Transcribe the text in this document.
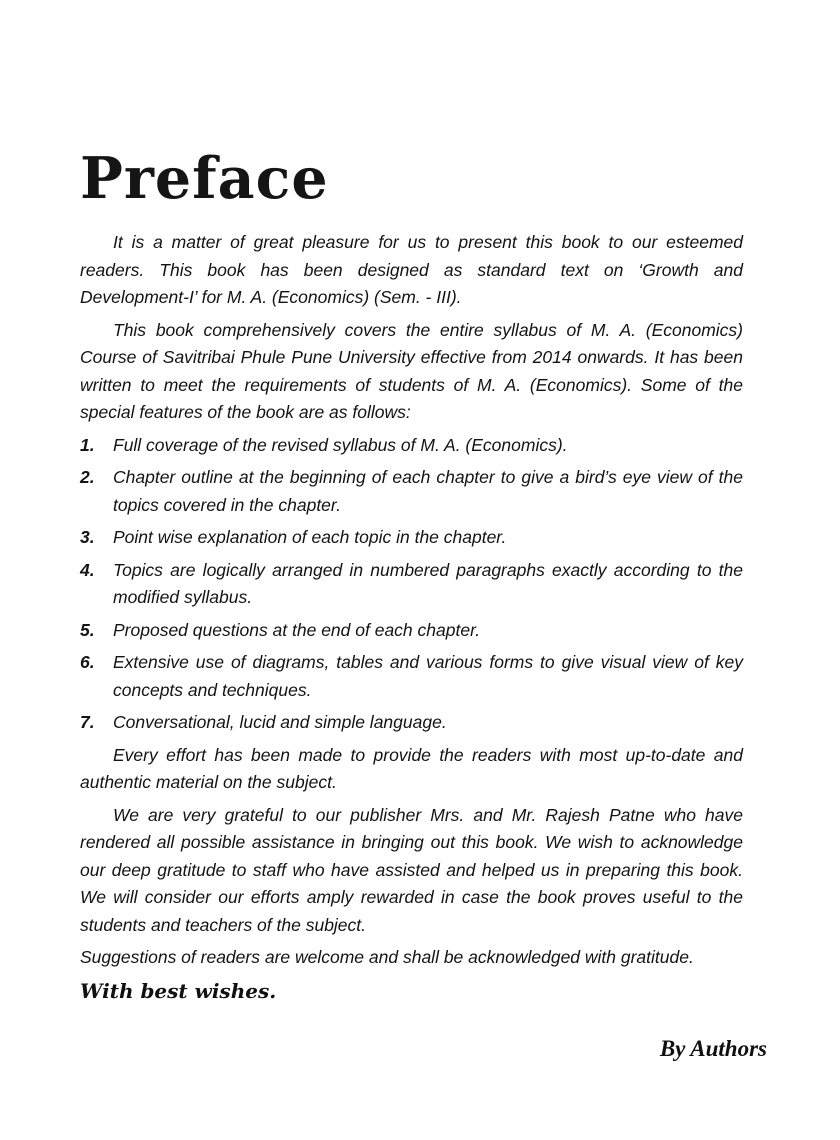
Preface

It is a matter of great pleasure for us to present this book to our esteemed readers. This book has been designed as standard text on ‘Growth and Development-I’ for M. A. (Economics) (Sem. - III).

This book comprehensively covers the entire syllabus of M. A. (Economics) Course of Savitribai Phule Pune University effective from 2014 onwards. It has been written to meet the requirements of students of M. A. (Economics). Some of the special features of the book are as follows:

1.	Full coverage of the revised syllabus of M. A. (Economics).
2.	Chapter outline at the beginning of each chapter to give a bird’s eye view of the topics covered in the chapter.
3.	Point wise explanation of each topic in the chapter.
4.	Topics are logically arranged in numbered paragraphs exactly according to the modified syllabus.
5.	Proposed questions at the end of each chapter.
6.	Extensive use of diagrams, tables and various forms to give visual view of key concepts and techniques.
7.	Conversational, lucid and simple language.

Every effort has been made to provide the readers with most up-to-date and authentic material on the subject.

We are very grateful to our publisher Mrs. and Mr. Rajesh Patne who have rendered all possible assistance in bringing out this book. We wish to acknowledge our deep gratitude to staff who have assisted and helped us in preparing this book. We will consider our efforts amply rewarded in case the book proves useful to the students and teachers of the subject.

Suggestions of readers are welcome and shall be acknowledged with gratitude.

With best wishes.

By Authors
